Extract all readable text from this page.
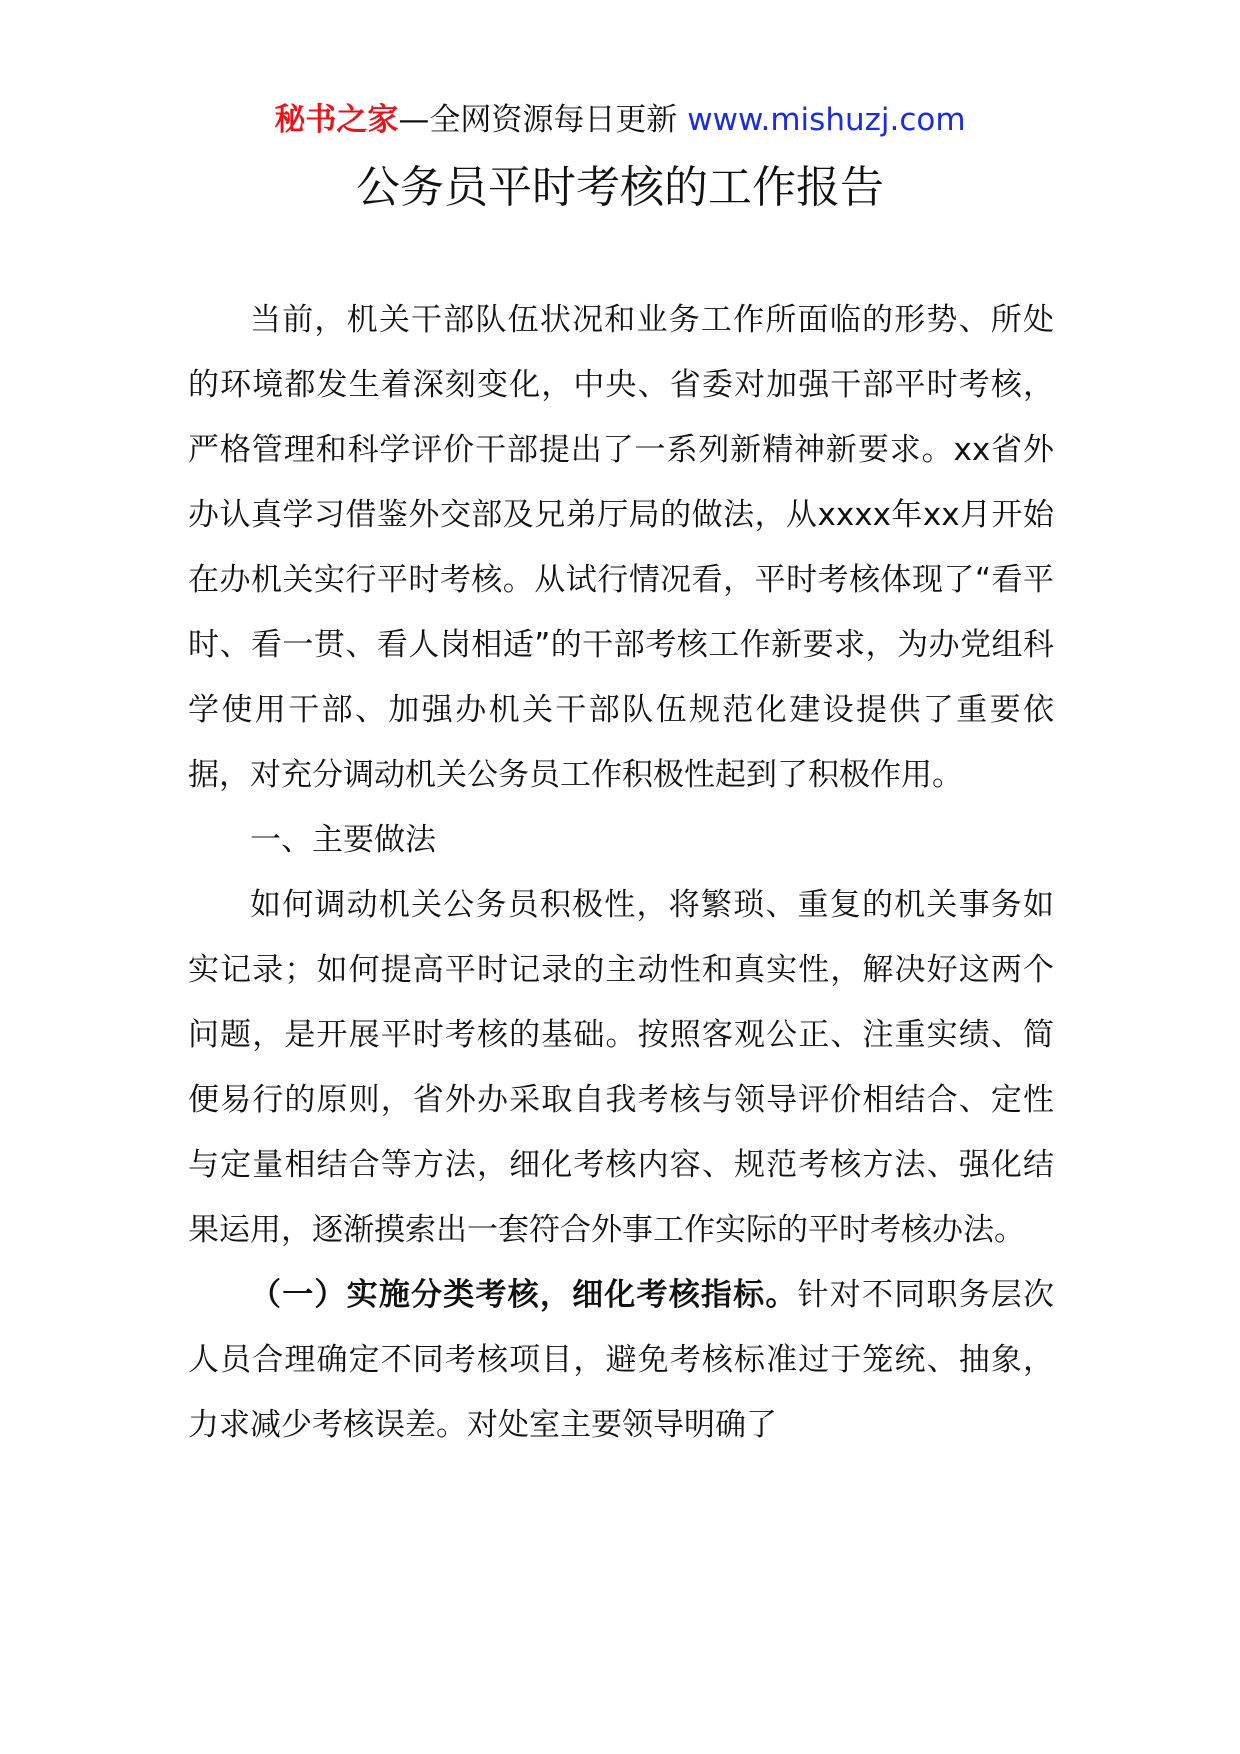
秘书之家—全网资源每日更新 www.mishuzj.com
公务员平时考核的工作报告

当前，机关干部队伍状况和业务工作所面临的形势、所处的环境都发生着深刻变化，中央、省委对加强干部平时考核，严格管理和科学评价干部提出了一系列新精神新要求。xx省外办认真学习借鉴外交部及兄弟厅局的做法，从xxxx年xx月开始在办机关实行平时考核。从试行情况看，平时考核体现了“看平时、看一贯、看人岗相适”的干部考核工作新要求，为办党组科学使用干部、加强办机关干部队伍规范化建设提供了重要依据，对充分调动机关公务员工作积极性起到了积极作用。

一、主要做法

如何调动机关公务员积极性，将繁琐、重复的机关事务如实记录；如何提高平时记录的主动性和真实性，解决好这两个问题，是开展平时考核的基础。按照客观公正、注重实绩、简便易行的原则，省外办采取自我考核与领导评价相结合、定性与定量相结合等方法，细化考核内容、规范考核方法、强化结果运用，逐渐摸索出一套符合外事工作实际的平时考核办法。

（一）实施分类考核，细化考核指标。针对不同职务层次人员合理确定不同考核项目，避免考核标准过于笼统、抽象，力求减少考核误差。对处室主要领导明确了
